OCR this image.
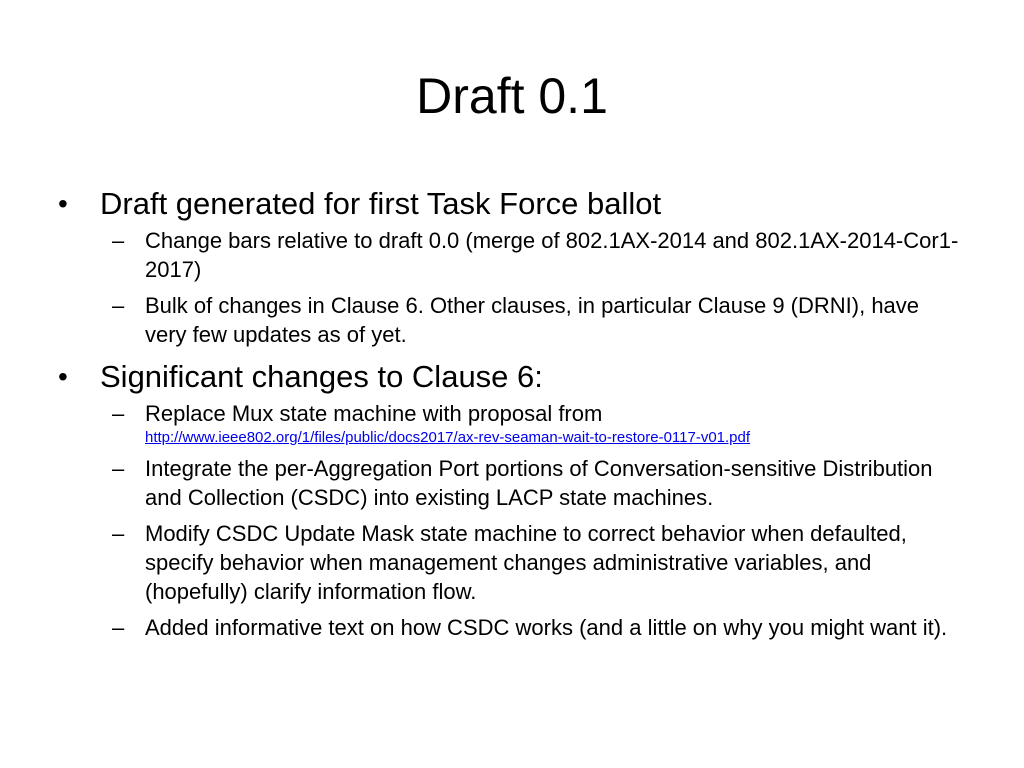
Draft 0.1

• Draft generated for first Task Force ballot

– Change bars relative to draft 0.0 (merge of 802.1AX-2014 and 802.1AX-2014-Cor1-2017)

– Bulk of changes in Clause 6. Other clauses, in particular Clause 9 (DRNI), have very few updates as of yet.

• Significant changes to Clause 6:

– Replace Mux state machine with proposal from
http://www.ieee802.org/1/files/public/docs2017/ax-rev-seaman-wait-to-restore-0117-v01.pdf

– Integrate the per-Aggregation Port portions of Conversation-sensitive Distribution and Collection (CSDC) into existing LACP state machines.

– Modify CSDC Update Mask state machine to correct behavior when defaulted, specify behavior when management changes administrative variables, and (hopefully) clarify information flow.

– Added informative text on how CSDC works (and a little on why you might want it).
